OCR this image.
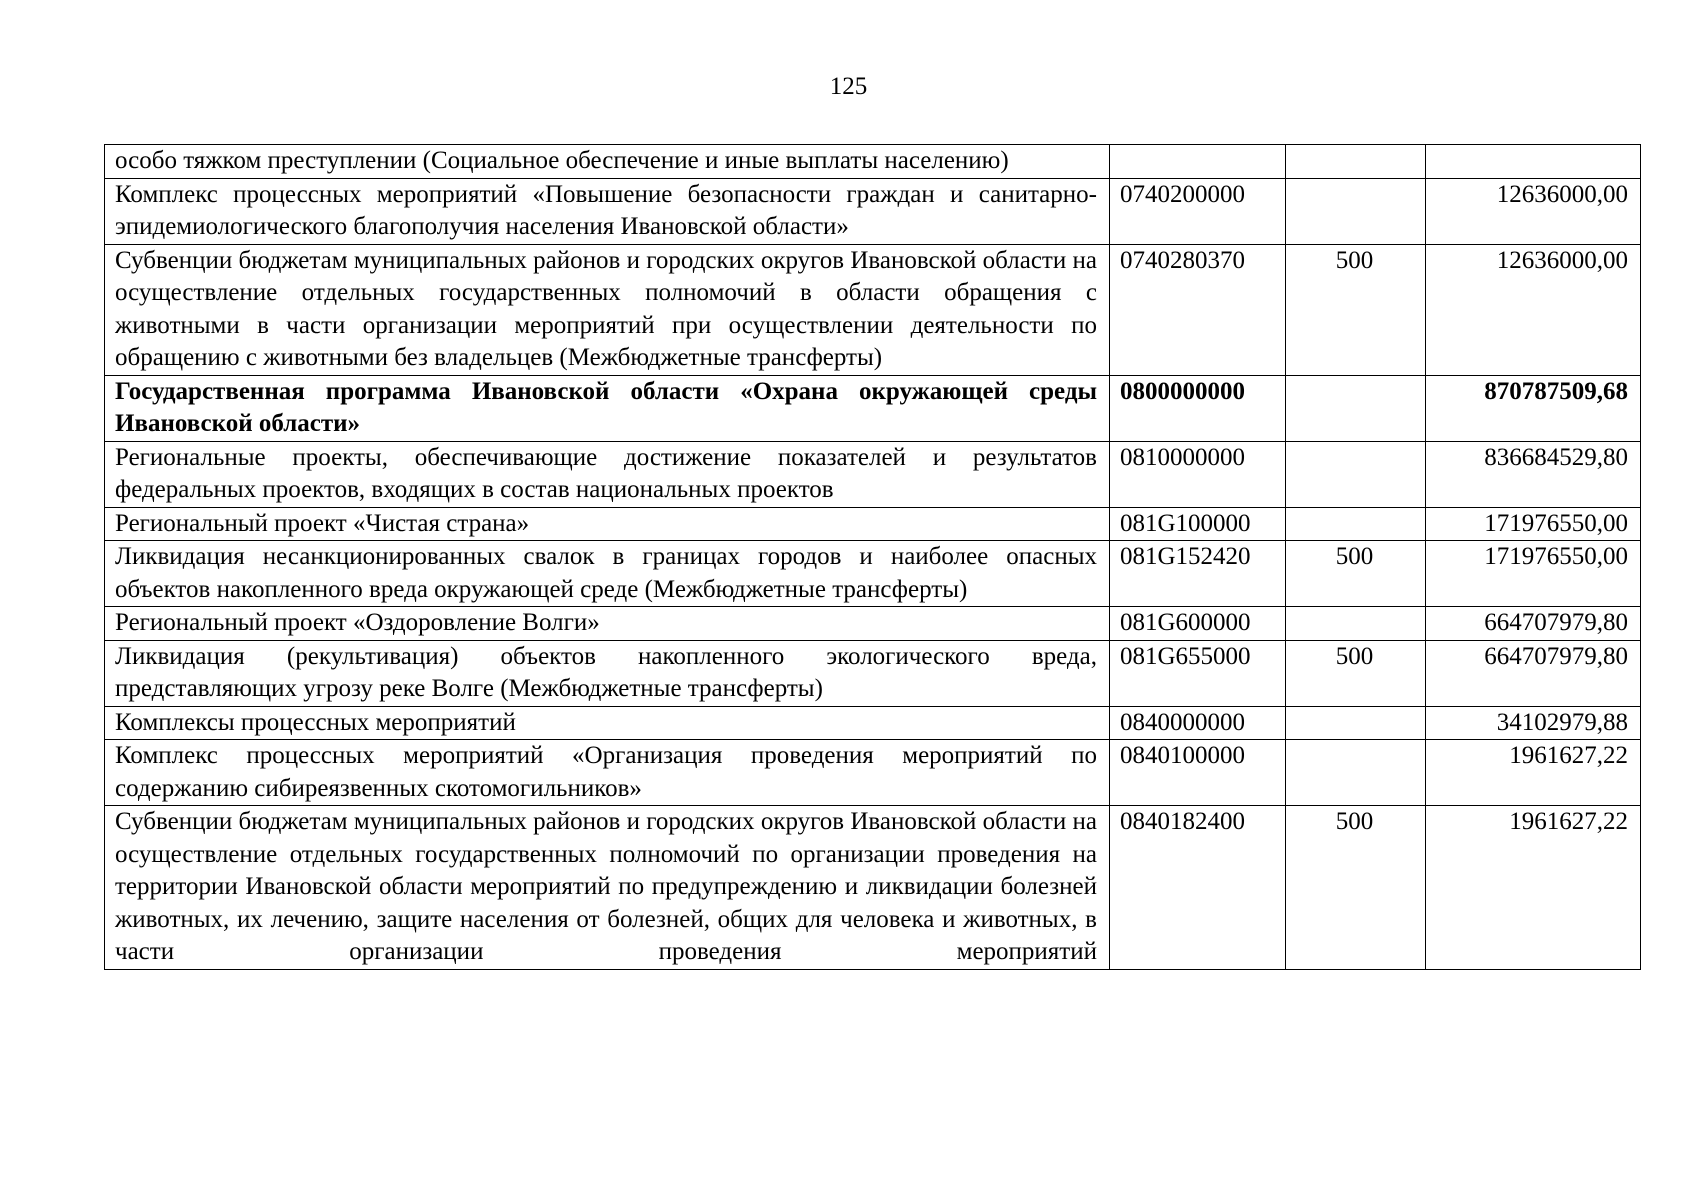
125
особо тяжком преступлении (Социальное обеспечение и иные выплаты населению)			
Комплекс процессных мероприятий «Повышение безопасности граждан и санитарно-эпидемиологического благополучия населения Ивановской области»	0740200000		12636000,00
Субвенции бюджетам муниципальных районов и городских округов Ивановской области на осуществление отдельных государственных полномочий в области обращения с животными в части организации мероприятий при осуществлении деятельности по обращению с животными без владельцев (Межбюджетные трансферты)	0740280370	500	12636000,00
Государственная программа Ивановской области «Охрана окружающей среды Ивановской области»	0800000000		870787509,68
Региональные проекты, обеспечивающие достижение показателей и результатов федеральных проектов, входящих в состав национальных проектов	0810000000		836684529,80
Региональный проект «Чистая страна»	081G100000		171976550,00
Ликвидация несанкционированных свалок в границах городов и наиболее опасных объектов накопленного вреда окружающей среде (Межбюджетные трансферты)	081G152420	500	171976550,00
Региональный проект «Оздоровление Волги»	081G600000		664707979,80
Ликвидация (рекультивация) объектов накопленного экологического вреда, представляющих угрозу реке Волге (Межбюджетные трансферты)	081G655000	500	664707979,80
Комплексы процессных мероприятий	0840000000		34102979,88
Комплекс процессных мероприятий «Организация проведения мероприятий по содержанию сибиреязвенных скотомогильников»	0840100000		1961627,22
Субвенции бюджетам муниципальных районов и городских округов Ивановской области на осуществление отдельных государственных полномочий по организации проведения на территории Ивановской области мероприятий по предупреждению и ликвидации болезней животных, их лечению, защите населения от болезней, общих для человека и животных, в части организации проведения мероприятий	0840182400	500	1961627,22
